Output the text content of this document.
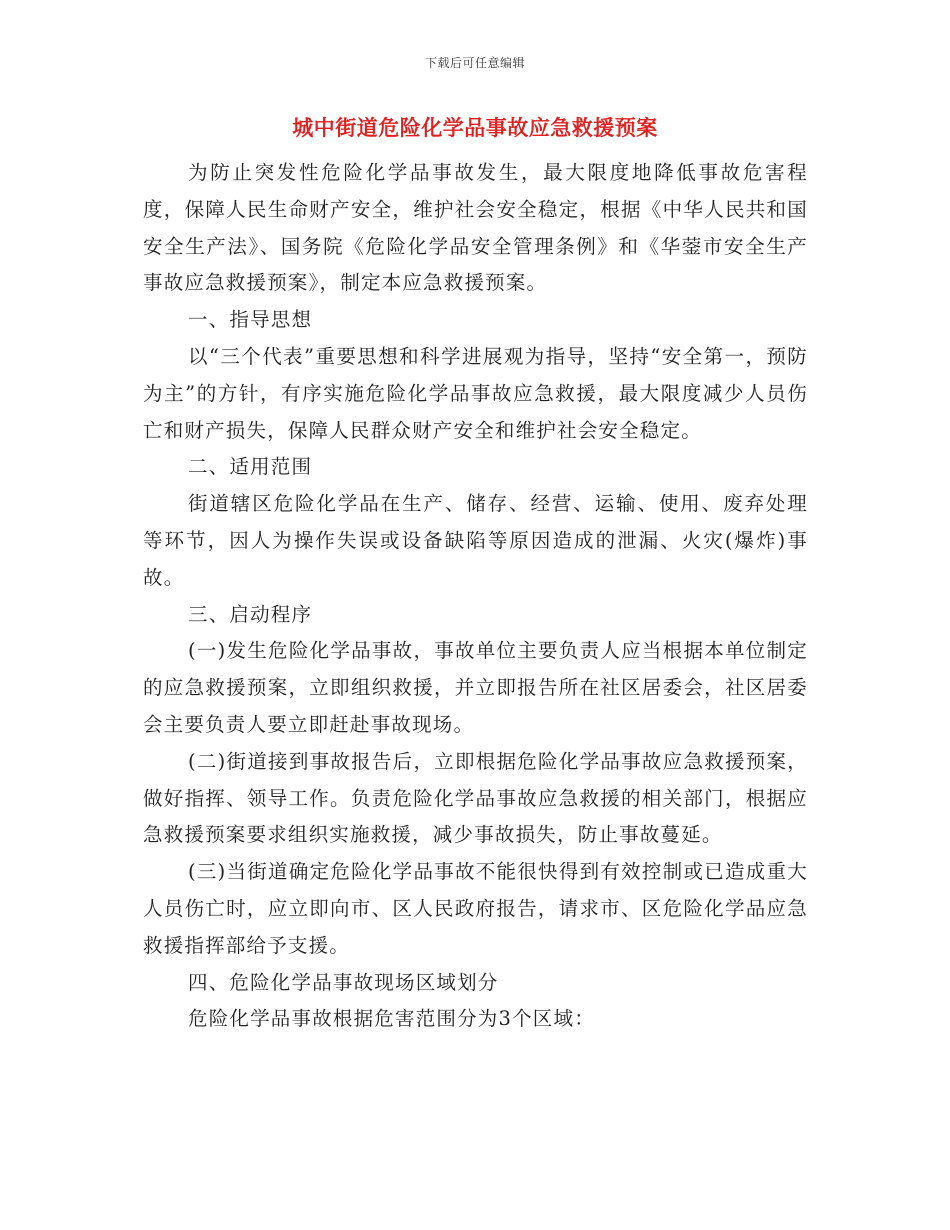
下载后可任意编辑
城中街道危险化学品事故应急救援预案

为防止突发性危险化学品事故发生，最大限度地降低事故危害程度，保障人民生命财产安全，维护社会安全稳定，根据《中华人民共和国安全生产法》、国务院《危险化学品安全管理条例》和《华蓥市安全生产事故应急救援预案》，制定本应急救援预案。

一、指导思想

以“三个代表”重要思想和科学进展观为指导，坚持“安全第一，预防为主”的方针，有序实施危险化学品事故应急救援，最大限度减少人员伤亡和财产损失，保障人民群众财产安全和维护社会安全稳定。

二、适用范围

街道辖区危险化学品在生产、储存、经营、运输、使用、废弃处理等环节，因人为操作失误或设备缺陷等原因造成的泄漏、火灾(爆炸)事故。

三、启动程序

(一)发生危险化学品事故，事故单位主要负责人应当根据本单位制定的应急救援预案，立即组织救援，并立即报告所在社区居委会，社区居委会主要负责人要立即赶赴事故现场。

(二)街道接到事故报告后，立即根据危险化学品事故应急救援预案，做好指挥、领导工作。负责危险化学品事故应急救援的相关部门，根据应急救援预案要求组织实施救援，减少事故损失，防止事故蔓延。

(三)当街道确定危险化学品事故不能很快得到有效控制或已造成重大人员伤亡时，应立即向市、区人民政府报告，请求市、区危险化学品应急救援指挥部给予支援。

四、危险化学品事故现场区域划分

危险化学品事故根据危害范围分为3个区域：
